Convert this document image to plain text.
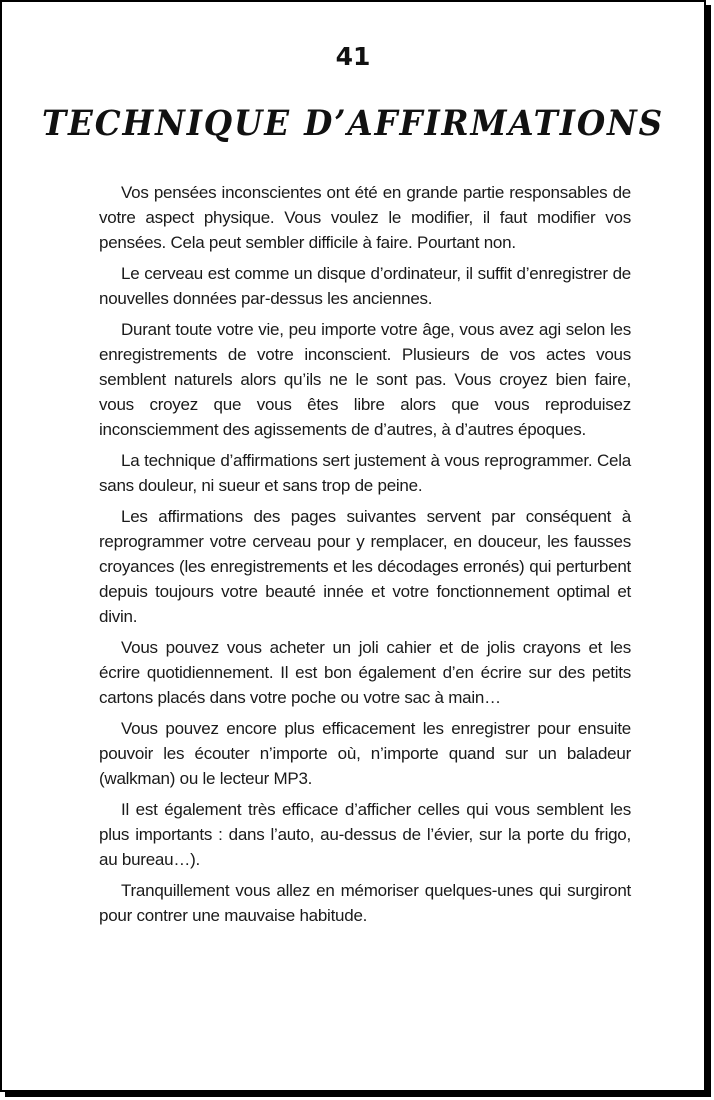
41
TECHNIQUE D’AFFIRMATIONS

Vos pensées inconscientes ont été en grande partie responsables de votre aspect physique. Vous voulez le modifier, il faut modifier vos pensées. Cela peut sembler difficile à faire. Pourtant non.

Le cerveau est comme un disque d’ordinateur, il suffit d’enregistrer de nouvelles données par-dessus les anciennes.

Durant toute votre vie, peu importe votre âge, vous avez agi selon les enregistrements de votre inconscient. Plusieurs de vos actes vous semblent naturels alors qu’ils ne le sont pas. Vous croyez bien faire, vous croyez que vous êtes libre alors que vous reproduisez inconsciemment des agissements de d’autres, à d’autres époques.

La technique d’affirmations sert justement à vous reprogrammer. Cela sans douleur, ni sueur et sans trop de peine.

Les affirmations des pages suivantes servent par conséquent à reprogrammer votre cerveau pour y remplacer, en douceur, les fausses croyances (les enregistrements et les décodages erronés) qui perturbent depuis toujours votre beauté innée et votre fonctionnement optimal et divin.

Vous pouvez vous acheter un joli cahier et de jolis crayons et les écrire quotidiennement. Il est bon également d’en écrire sur des petits cartons placés dans votre poche ou votre sac à main…

Vous pouvez encore plus efficacement les enregistrer pour ensuite pouvoir les écouter n’importe où, n’importe quand sur un baladeur (walkman) ou le lecteur MP3.

Il est également très efficace d’afficher celles qui vous semblent les plus importants : dans l’auto, au-dessus de l’évier, sur la porte du frigo, au bureau…).

Tranquillement vous allez en mémoriser quelques-unes qui surgiront pour contrer une mauvaise habitude.
